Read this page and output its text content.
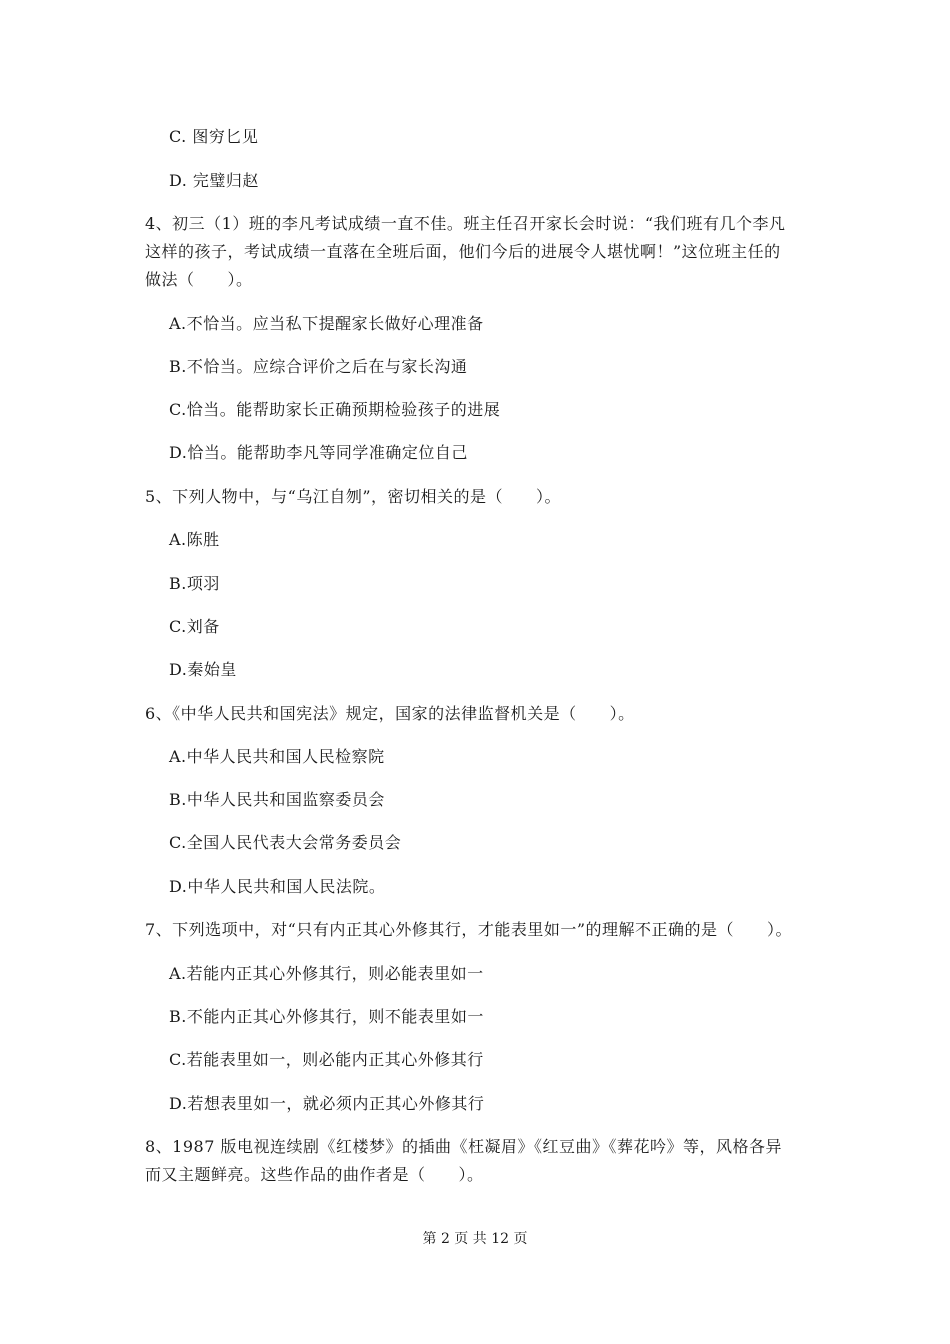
C. 图穷匕见
D. 完璧归赵
4、初三（1）班的李凡考试成绩一直不佳。班主任召开家长会时说：“我们班有几个李凡
这样的孩子，考试成绩一直落在全班后面，他们今后的进展令人堪忧啊！”这位班主任的
做法（　　）。
A.不恰当。应当私下提醒家长做好心理准备
B.不恰当。应综合评价之后在与家长沟通
C.恰当。能帮助家长正确预期检验孩子的进展
D.恰当。能帮助李凡等同学准确定位自己
5、下列人物中，与“乌江自刎”，密切相关的是（　　）。
A.陈胜
B.项羽
C.刘备
D.秦始皇
6、《中华人民共和国宪法》规定，国家的法律监督机关是（　　）。
A.中华人民共和国人民检察院
B.中华人民共和国监察委员会
C.全国人民代表大会常务委员会
D.中华人民共和国人民法院。
7、下列选项中，对“只有内正其心外修其行，才能表里如一”的理解不正确的是（　　）。
A.若能内正其心外修其行，则必能表里如一
B.不能内正其心外修其行，则不能表里如一
C.若能表里如一，则必能内正其心外修其行
D.若想表里如一，就必须内正其心外修其行
8、1987 版电视连续剧《红楼梦》的插曲《枉凝眉》《红豆曲》《葬花吟》等，风格各异
而又主题鲜亮。这些作品的曲作者是（　　）。
第 2 页 共 12 页
